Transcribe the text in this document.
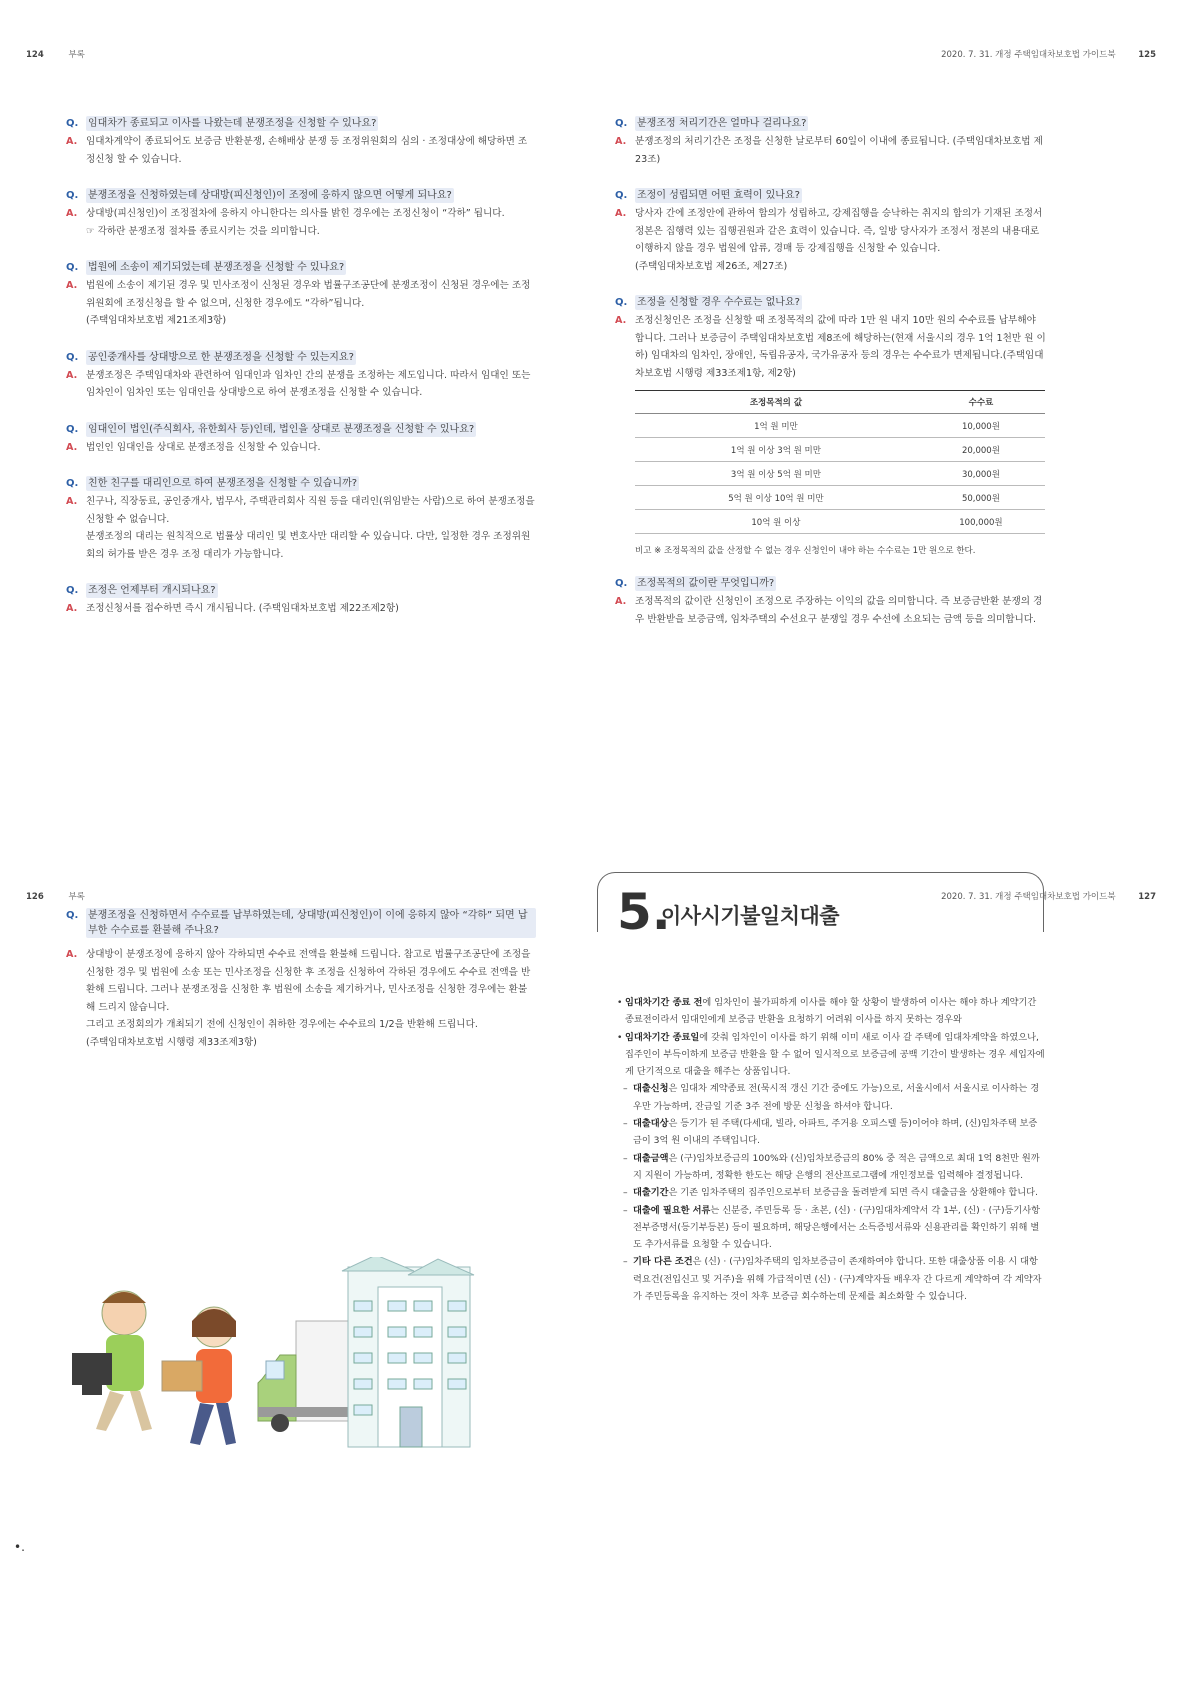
124	부록
Q. 임대차가 종료되고 이사를 나왔는데 분쟁조정을 신청할 수 있나요?
A. 임대차계약이 종료되어도 보증금 반환분쟁, 손해배상 분쟁 등 조정위원회의 심의 · 조정대상에 해당하면 조정신청 할 수 있습니다.

Q. 분쟁조정을 신청하였는데 상대방(피신청인)이 조정에 응하지 않으면 어떻게 되나요?
A. 상대방(피신청인)이 조정절차에 응하지 아니한다는 의사를 밝힌 경우에는 조정신청이 “각하” 됩니다.

☞ 각하란 분쟁조정 절차를 종료시키는 것을 의미합니다.

Q. 법원에 소송이 제기되었는데 분쟁조정을 신청할 수 있나요?
A. 법원에 소송이 제기된 경우 및 민사조정이 신청된 경우와 법률구조공단에 분쟁조정이 신청된 경우에는 조정위원회에 조정신청을 할 수 없으며, 신청한 경우에도 “각하”됩니다.

(주택임대차보호법 제21조제3항)

Q. 공인중개사를 상대방으로 한 분쟁조정을 신청할 수 있는지요?
A. 분쟁조정은 주택임대차와 관련하여 임대인과 임차인 간의 분쟁을 조정하는 제도입니다. 따라서 임대인 또는 임차인이 임차인 또는 임대인을 상대방으로 하여 분쟁조정을 신청할 수 있습니다.

Q. 임대인이 법인(주식회사, 유한회사 등)인데, 법인을 상대로 분쟁조정을 신청할 수 있나요?
A. 법인인 임대인을 상대로 분쟁조정을 신청할 수 있습니다.

Q. 친한 친구를 대리인으로 하여 분쟁조정을 신청할 수 있습니까?
A. 친구나, 직장동료, 공인중개사, 법무사, 주택관리회사 직원 등을 대리인(위임받는 사람)으로 하여 분쟁조정을 신청할 수 없습니다.

분쟁조정의 대리는 원칙적으로 법률상 대리인 및 변호사만 대리할 수 있습니다. 다만, 일정한 경우 조정위원회의 허가를 받은 경우 조정 대리가 가능합니다.

Q. 조정은 언제부터 개시되나요?
A. 조정신청서를 접수하면 즉시 개시됩니다. (주택임대차보호법 제22조제2항)

2020. 7. 31. 개정 주택임대차보호법 가이드북	125
Q. 분쟁조정 처리기간은 얼마나 걸리나요?
A. 분쟁조정의 처리기간은 조정을 신청한 날로부터 60일이 이내에 종료됩니다. (주택임대차보호법 제23조)

Q. 조정이 성립되면 어떤 효력이 있나요?
A. 당사자 간에 조정안에 관하여 합의가 성립하고, 강제집행을 승낙하는 취지의 합의가 기재된 조정서 정본은 집행력 있는 집행권원과 같은 효력이 있습니다. 즉, 일방 당사자가 조정서 정본의 내용대로 이행하지 않을 경우 법원에 압류, 경매 등 강제집행을 신청할 수 있습니다.

(주택임대차보호법 제26조, 제27조)

Q. 조정을 신청할 경우 수수료는 없나요?
A. 조정신청인은 조정을 신청할 때 조정목적의 값에 따라 1만 원 내지 10만 원의 수수료를 납부해야 합니다. 그러나 보증금이 주택임대차보호법 제8조에 해당하는(현재 서울시의 경우 1억 1천만 원 이하) 임대차의 임차인, 장애인, 독립유공자, 국가유공자 등의 경우는 수수료가 면제됩니다.(주택임대차보호법 시행령 제33조제1항, 제2항)

조정목적의 값	수수료
1억 원 미만	10,000원
1억 원 이상 3억 원 미만	20,000원
3억 원 이상 5억 원 미만	30,000원
5억 원 이상 10억 원 미만	50,000원
10억 원 이상	100,000원
비고 ※ 조정목적의 값을 산정할 수 없는 경우 신청인이 내야 하는 수수료는 1만 원으로 한다.
Q. 조정목적의 값이란 무엇입니까?
A. 조정목적의 값이란 신청인이 조정으로 주장하는 이익의 값을 의미합니다. 즉 보증금반환 분쟁의 경우 반환받을 보증금액, 임차주택의 수선요구 분쟁일 경우 수선에 소요되는 금액 등을 의미합니다.

126	부록
Q. 분쟁조정을 신청하면서 수수료를 납부하였는데, 상대방(피신청인)이 이에 응하지 않아 “각하” 되면 납부한 수수료를 환불해 주나요?
A. 상대방이 분쟁조정에 응하지 않아 각하되면 수수료 전액을 환불해 드립니다. 참고로 법률구조공단에 조정을 신청한 경우 및 법원에 소송 또는 민사조정을 신청한 후 조정을 신청하여 각하된 경우에도 수수료 전액을 반환해 드립니다. 그러나 분쟁조정을 신청한 후 법원에 소송을 제기하거나, 민사조정을 신청한 경우에는 환불해 드리지 않습니다.

그리고 조정회의가 개최되기 전에 신청인이 취하한 경우에는 수수료의 1/2을 반환해 드립니다.

(주택임대차보호법 시행령 제33조제3항)

2020. 7. 31. 개정 주택임대차보호법 가이드북	127
5.
이사시기불일치대출
• 임대차기간 종료 전에 임차인이 불가피하게 이사를 해야 할 상황이 발생하여 이사는 해야 하나 계약기간 종료전이라서 임대인에게 보증금 반환을 요청하기 어려워 이사를 하지 못하는 경우와
• 임대차기간 종료일에 갖춰 임차인이 이사를 하기 위해 이미 새로 이사 갈 주택에 임대차계약을 하였으나, 집주인이 부득이하게 보증금 반환을 할 수 없어 일시적으로 보증금에 공백 기간이 발생하는 경우 세입자에게 단기적으로 대출을 해주는 상품입니다.
– 대출신청은 임대차 계약종료 전(묵시적 갱신 기간 중에도 가능)으로, 서울시에서 서울시로 이사하는 경우만 가능하며, 잔금일 기준 3주 전에 방문 신청을 하셔야 합니다.
– 대출대상은 등기가 된 주택(다세대, 빌라, 아파트, 주거용 오피스텔 등)이어야 하며, (신)임차주택 보증금이 3억 원 이내의 주택입니다.
– 대출금액은 (구)임차보증금의 100%와 (신)임차보증금의 80% 중 적은 금액으로 최대 1억 8천만 원까지 지원이 가능하며, 정확한 한도는 해당 은행의 전산프로그램에 개인정보를 입력해야 결정됩니다.
– 대출기간은 기존 임차주택의 집주인으로부터 보증금을 돌려받게 되면 즉시 대출금을 상환해야 합니다.
– 대출에 필요한 서류는 신분증, 주민등록 등 · 초본, (신) · (구)임대차계약서 각 1부, (신) · (구)등기사항전부증명서(등기부등본) 등이 필요하며, 해당은행에서는 소득증빙서류와 신용관리를 확인하기 위해 별도 추가서류를 요청할 수 있습니다.
– 기타 다른 조건은 (신) · (구)임차주택의 임차보증금이 존재하여야 합니다. 또한 대출상품 이용 시 대항력요건(전입신고 및 거주)을 위해 가급적이면 (신) · (구)계약자들 배우자 간 다르게 계약하여 각 계약자가 주민등록을 유지하는 것이 차후 보증금 회수하는데 문제를 최소화할 수 있습니다.
•.
